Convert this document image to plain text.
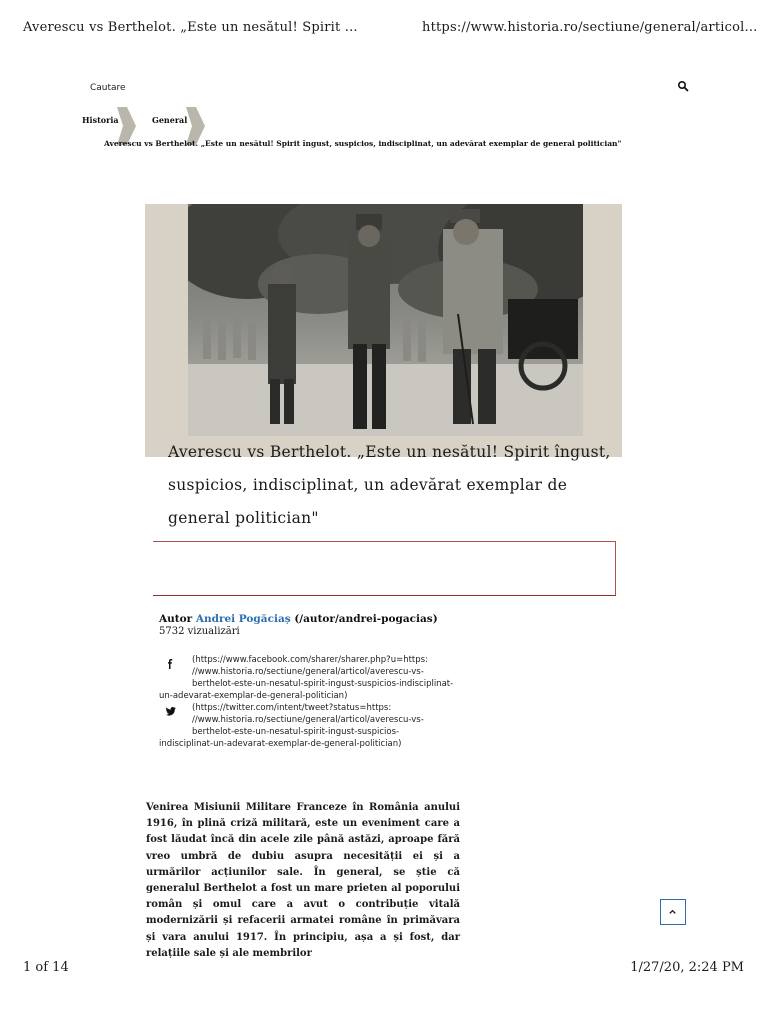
Averescu vs Berthelot. „Este un nesătul! Spirit ...	https://www.historia.ro/sectiune/general/articol...
Cautare
Historia	General
Averescu vs Berthelot. „Este un nesătul! Spirit îngust, suspicios, indisciplinat, un adevărat exemplar de general politician"
Averescu vs Berthelot. „Este un nesătul! Spirit îngust, suspicios, indisciplinat, un adevărat exemplar de general politician"
Autor Andrei Pogăciaș (/autor/andrei-pogacias)
5732 vizualizări
(https://www.facebook.com/sharer/sharer.php?u=https:
//www.historia.ro/sectiune/general/articol/averescu-vs-
berthelot-este-un-nesatul-spirit-ingust-suspicios-indisciplinat-
un-adevarat-exemplar-de-general-politician)
(https://twitter.com/intent/tweet?status=https:
//www.historia.ro/sectiune/general/articol/averescu-vs-
berthelot-este-un-nesatul-spirit-ingust-suspicios-
indisciplinat-un-adevarat-exemplar-de-general-politician)
Venirea Misiunii Militare Franceze în România anului 1916, în plină criză militară, este un eveniment care a fost lăudat încă din acele zile până astăzi, aproape fără vreo umbră de dubiu asupra necesității ei și a urmărilor acțiunilor sale. În general, se știe că generalul Berthelot a fost un mare prieten al poporului român și omul care a avut o contribuție vitală modernizării și refacerii armatei române în primăvara și vara anului 1917. În principiu, așa a și fost, dar relațiile sale și ale membrilor
1 of 14	1/27/20, 2:24 PM
